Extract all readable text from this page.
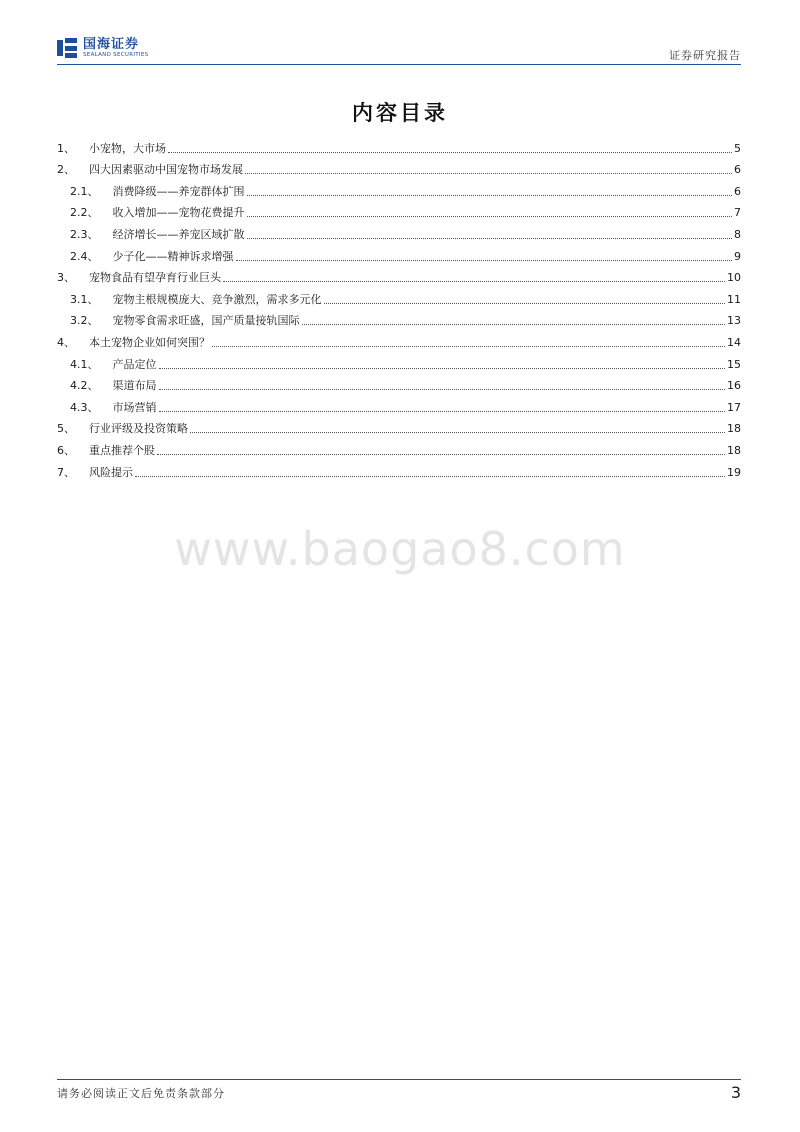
国海证券
SEALAND SECURITIES	证券研究报告
内容目录
1、 小宠物，大市场	5
2、 四大因素驱动中国宠物市场发展	6
2.1、 消费降级——养宠群体扩围	6
2.2、 收入增加——宠物花费提升	7
2.3、 经济增长——养宠区域扩散	8
2.4、 少子化——精神诉求增强	9
3、 宠物食品有望孕育行业巨头	10
3.1、 宠物主根规模庞大、竞争激烈，需求多元化	11
3.2、 宠物零食需求旺盛，国产质量接轨国际	13
4、 本土宠物企业如何突围？	14
4.1、 产品定位	15
4.2、 渠道布局	16
4.3、 市场营销	17
5、 行业评级及投资策略	18
6、 重点推荐个股	18
7、 风险提示	19
www.baogao8.com
请务必阅读正文后免责条款部分	3
